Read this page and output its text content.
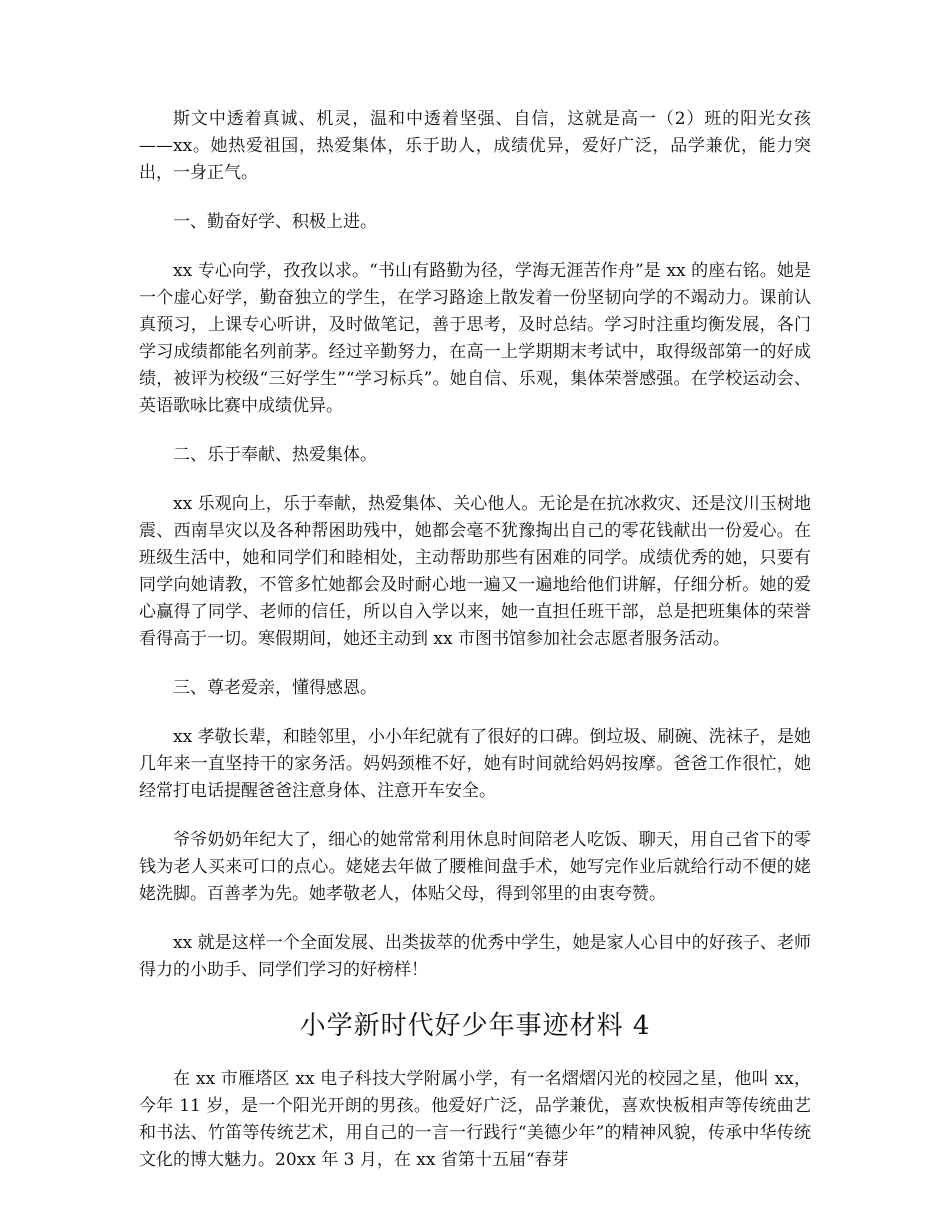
斯文中透着真诚、机灵，温和中透着坚强、自信，这就是高一（2）班的阳光女孩——xx。她热爱祖国，热爱集体，乐于助人，成绩优异，爱好广泛，品学兼优，能力突出，一身正气。

一、勤奋好学、积极上进。

xx 专心向学，孜孜以求。“书山有路勤为径，学海无涯苦作舟”是 xx 的座右铭。她是一个虚心好学，勤奋独立的学生，在学习路途上散发着一份坚韧向学的不竭动力。课前认真预习，上课专心听讲，及时做笔记，善于思考，及时总结。学习时注重均衡发展，各门学习成绩都能名列前茅。经过辛勤努力，在高一上学期期末考试中，取得级部第一的好成绩，被评为校级“三好学生”“学习标兵”。她自信、乐观，集体荣誉感强。在学校运动会、英语歌咏比赛中成绩优异。

二、乐于奉献、热爱集体。

xx 乐观向上，乐于奉献，热爱集体、关心他人。无论是在抗冰救灾、还是汶川玉树地震、西南旱灾以及各种帮困助残中，她都会毫不犹豫掏出自己的零花钱献出一份爱心。在班级生活中，她和同学们和睦相处，主动帮助那些有困难的同学。成绩优秀的她，只要有同学向她请教，不管多忙她都会及时耐心地一遍又一遍地给他们讲解，仔细分析。她的爱心赢得了同学、老师的信任，所以自入学以来，她一直担任班干部，总是把班集体的荣誉看得高于一切。寒假期间，她还主动到 xx 市图书馆参加社会志愿者服务活动。

三、尊老爱亲，懂得感恩。

xx 孝敬长辈，和睦邻里，小小年纪就有了很好的口碑。倒垃圾、刷碗、洗袜子，是她几年来一直坚持干的家务活。妈妈颈椎不好，她有时间就给妈妈按摩。爸爸工作很忙，她经常打电话提醒爸爸注意身体、注意开车安全。

爷爷奶奶年纪大了，细心的她常常利用休息时间陪老人吃饭、聊天，用自己省下的零钱为老人买来可口的点心。姥姥去年做了腰椎间盘手术，她写完作业后就给行动不便的姥姥洗脚。百善孝为先。她孝敬老人，体贴父母，得到邻里的由衷夸赞。

xx 就是这样一个全面发展、出类拔萃的优秀中学生，她是家人心目中的好孩子、老师得力的小助手、同学们学习的好榜样！

小学新时代好少年事迹材料 4

在 xx 市雁塔区 xx 电子科技大学附属小学，有一名熠熠闪光的校园之星，他叫 xx，今年 11 岁，是一个阳光开朗的男孩。他爱好广泛，品学兼优，喜欢快板相声等传统曲艺和书法、竹笛等传统艺术，用自己的一言一行践行“美德少年”的精神风貌，传承中华传统文化的博大魅力。20xx 年 3 月，在 xx 省第十五届“春芽
